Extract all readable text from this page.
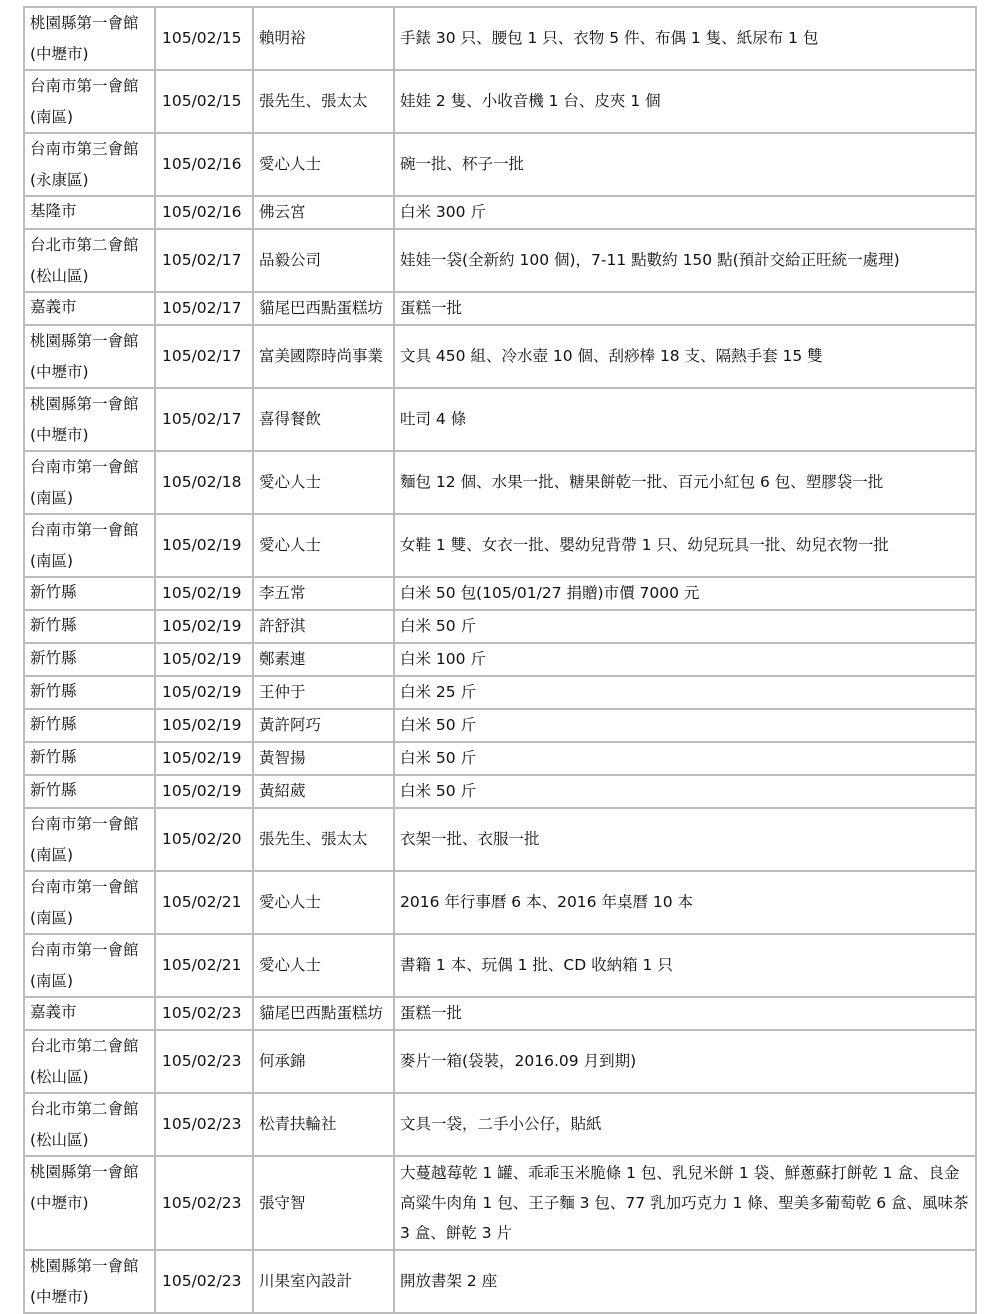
桃園縣第一會館
(中壢市)	105/02/15	賴明裕	手錶 30 只、腰包 1 只、衣物 5 件、布偶 1 隻、紙尿布 1 包

台南市第一會館
(南區)	105/02/15	張先生、張太太	娃娃 2 隻、小收音機 1 台、皮夾 1 個

台南市第三會館
(永康區)	105/02/16	愛心人士	碗一批、杯子一批

基隆市	105/02/16	佛云宮	白米 300 斤

台北市第二會館
(松山區)	105/02/17	品毅公司	娃娃一袋(全新約 100 個)，7-11 點數約 150 點(預計交給正旺統一處理)

嘉義市	105/02/17	貓尾巴西點蛋糕坊	蛋糕一批

桃園縣第一會館
(中壢市)	105/02/17	富美國際時尚事業	文具 450 組、冷水壺 10 個、刮痧棒 18 支、隔熱手套 15 雙

桃園縣第一會館
(中壢市)	105/02/17	喜得餐飲	吐司 4 條

台南市第一會館
(南區)	105/02/18	愛心人士	麵包 12 個、水果一批、糖果餅乾一批、百元小紅包 6 包、塑膠袋一批

台南市第一會館
(南區)	105/02/19	愛心人士	女鞋 1 雙、女衣一批、嬰幼兒背帶 1 只、幼兒玩具一批、幼兒衣物一批

新竹縣	105/02/19	李五常	白米 50 包(105/01/27 捐贈)市價 7000 元

新竹縣	105/02/19	許舒淇	白米 50 斤

新竹縣	105/02/19	鄭素連	白米 100 斤

新竹縣	105/02/19	王仲于	白米 25 斤

新竹縣	105/02/19	黃許阿巧	白米 50 斤

新竹縣	105/02/19	黃智揚	白米 50 斤

新竹縣	105/02/19	黃紹葳	白米 50 斤

台南市第一會館
(南區)	105/02/20	張先生、張太太	衣架一批、衣服一批

台南市第一會館
(南區)	105/02/21	愛心人士	2016 年行事曆 6 本、2016 年桌曆 10 本

台南市第一會館
(南區)	105/02/21	愛心人士	書籍 1 本、玩偶 1 批、CD 收納箱 1 只

嘉義市	105/02/23	貓尾巴西點蛋糕坊	蛋糕一批

台北市第二會館
(松山區)	105/02/23	何承錦	麥片一箱(袋裝，2016.09 月到期)

台北市第二會館
(松山區)	105/02/23	松青扶輪社	文具一袋，二手小公仔，貼紙

桃園縣第一會館
(中壢市)	105/02/23	張守智	大蔓越莓乾 1 罐、乖乖玉米脆條 1 包、乳兒米餅 1 袋、鮮蔥蘇打餅乾 1 盒、良金高粱牛肉角 1 包、王子麵 3 包、77 乳加巧克力 1 條、聖美多葡萄乾 6 盒、風味茶 3 盒、餅乾 3 片

桃園縣第一會館
(中壢市)	105/02/23	川果室內設計	開放書架 2 座
